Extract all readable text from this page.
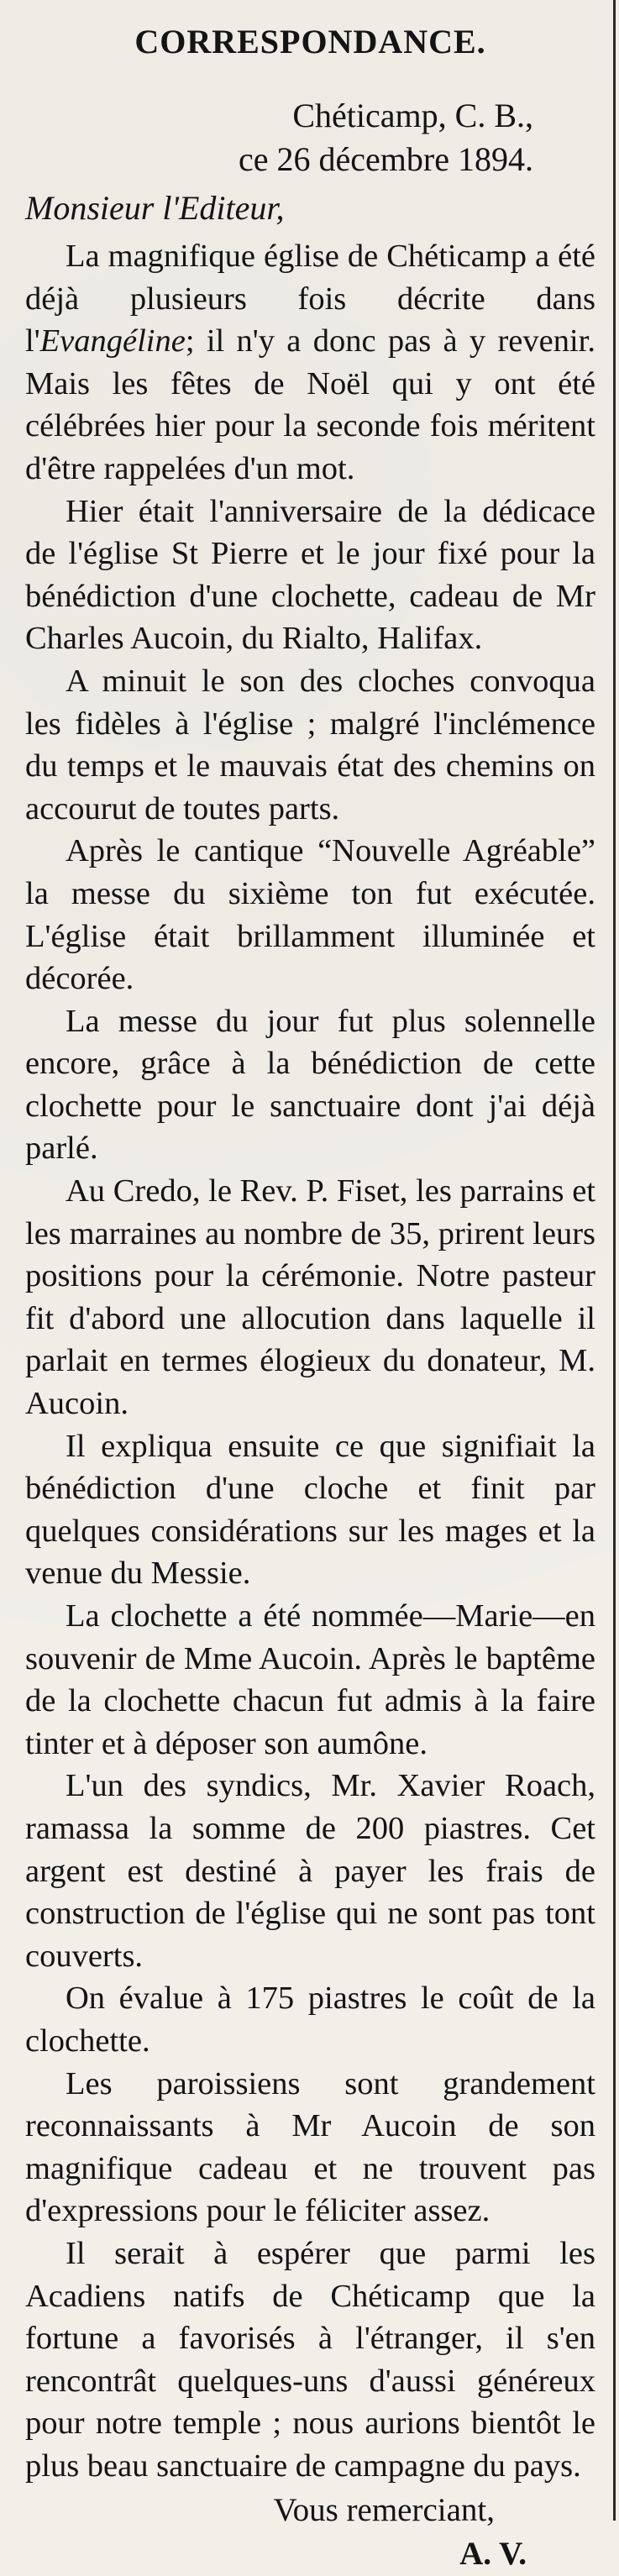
CORRESPONDANCE.
Chéticamp, C. B.,
ce 26 décembre 1894.
Monsieur l'Editeur,

La magnifique église de Chéticamp a été déjà plusieurs fois décrite dans l'Evangéline; il n'y a donc pas à y revenir. Mais les fêtes de Noël qui y ont été célébrées hier pour la seconde fois méritent d'être rappelées d'un mot.

Hier était l'anniversaire de la dédicace de l'église St Pierre et le jour fixé pour la bénédiction d'une clochette, cadeau de Mr Charles Aucoin, du Rialto, Halifax.

A minuit le son des cloches convoqua les fidèles à l'église ; malgré l'inclémence du temps et le mauvais état des chemins on accourut de toutes parts.

Après le cantique “Nouvelle Agréable” la messe du sixième ton fut exécutée. L'église était brillamment illuminée et décorée.

La messe du jour fut plus solennelle encore, grâce à la bénédiction de cette clochette pour le sanctuaire dont j'ai déjà parlé.

Au Credo, le Rev. P. Fiset, les parrains et les marraines au nombre de 35, prirent leurs positions pour la cérémonie. Notre pasteur fit d'abord une allocution dans laquelle il parlait en termes élogieux du donateur, M. Aucoin.

Il expliqua ensuite ce que signifiait la bénédiction d'une cloche et finit par quelques considérations sur les mages et la venue du Messie.

La clochette a été nommée—Marie—en souvenir de Mme Aucoin. Après le baptême de la clochette chacun fut admis à la faire tinter et à déposer son aumône.

L'un des syndics, Mr. Xavier Roach, ramassa la somme de 200 piastres. Cet argent est destiné à payer les frais de construction de l'église qui ne sont pas tont couverts.

On évalue à 175 piastres le coût de la clochette.

Les paroissiens sont grandement reconnaissants à Mr Aucoin de son magnifique cadeau et ne trouvent pas d'expressions pour le féliciter assez.

Il serait à espérer que parmi les Acadiens natifs de Chéticamp que la fortune a favorisés à l'étranger, il s'en rencontrât quelques-uns d'aussi généreux pour notre temple ; nous aurions bientôt le plus beau sanctuaire de campagne du pays.

Vous remerciant,
A. V.
